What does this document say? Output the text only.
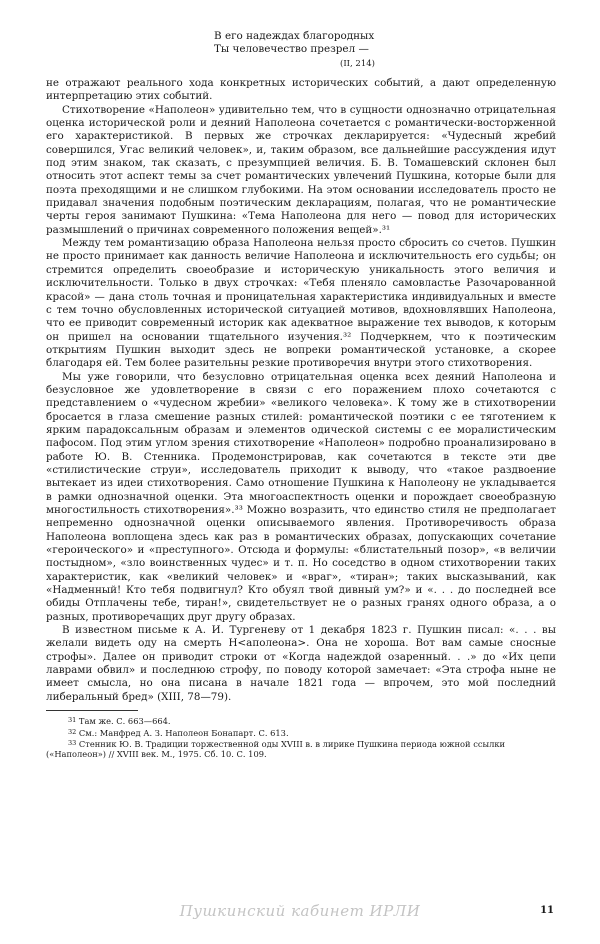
В его надеждах благородных
Ты человечество презрел —
(II, 214)

не отражают реального хода конкретных исторических событий, а дают определенную интерпретацию этих событий.

Стихотворение «Наполеон» удивительно тем, что в сущности однозначно отрицательная оценка исторической роли и деяний Наполеона сочетается с романтически-восторженной его характеристикой. В первых же строчках декларируется: «Чудесный жребий совершился, Угас великий человек», и, таким образом, все дальнейшие рассуждения идут под этим знаком, так сказать, с презумпцией величия. Б. В. Томашевский склонен был относить этот аспект темы за счет романтических увлечений Пушкина, которые были для поэта преходящими и не слишком глубокими. На этом основании исследователь просто не придавал значения подобным поэтическим декларациям, полагая, что не романтические черты героя занимают Пушкина: «Тема Наполеона для него — повод для исторических размышлений о причинах современного положения вещей».³¹

Между тем романтизацию образа Наполеона нельзя просто сбросить со счетов. Пушкин не просто принимает как данность величие Наполеона и исключительность его судьбы; он стремится определить своеобразие и историческую уникальность этого величия и исключительности. Только в двух строчках: «Тебя пленяло самовластье Разочарованной красой» — дана столь точная и проницательная характеристика индивидуальных и вместе с тем точно обусловленных исторической ситуацией мотивов, вдохновлявших Наполеона, что ее приводит современный историк как адекватное выражение тех выводов, к которым он пришел на основании тщательного изучения.³² Подчеркнем, что к поэтическим открытиям Пушкин выходит здесь не вопреки романтической установке, а скорее благодаря ей. Тем более разительны резкие противоречия внутри этого стихотворения.

Мы уже говорили, что безусловно отрицательная оценка всех деяний Наполеона и безусловное же удовлетворение в связи с его поражением плохо сочетаются с представлением о «чудесном жребии» «великого человека». К тому же в стихотворении бросается в глаза смешение разных стилей: романтической поэтики с ее тяготением к ярким парадоксальным образам и элементов одической системы с ее моралистическим пафосом. Под этим углом зрения стихотворение «Наполеон» подробно проанализировано в работе Ю. В. Стенника. Продемонстрировав, как сочетаются в тексте эти две «стилистические струи», исследователь приходит к выводу, что «такое раздвоение вытекает из идеи стихотворения. Само отношение Пушкина к Наполеону не укладывается в рамки однозначной оценки. Эта многоаспектность оценки и порождает своеобразную многостильность стихотворения».³³ Можно возразить, что единство стиля не предполагает непременно однозначной оценки описываемого явления. Противоречивость образа Наполеона воплощена здесь как раз в романтических образах, допускающих сочетание «героического» и «преступного». Отсюда и формулы: «блистательный позор», «в величии постыдном», «зло воинственных чудес» и т. п. Но соседство в одном стихотворении таких характеристик, как «великий человек» и «враг», «тиран»; таких высказываний, как «Надменный! Кто тебя подвигнул? Кто обуял твой дивный ум?» и «. . . до последней все обиды Отплачены тебе, тиран!», свидетельствует не о разных гранях одного образа, а о разных, противоречащих друг другу образах.

В известном письме к А. И. Тургеневу от 1 декабря 1823 г. Пушкин писал: «. . . вы желали видеть оду на смерть Н<аполеона>. Она не хороша. Вот вам самые сносные строфы». Далее он приводит строки от «Когда надеждой озаренный. . .» до «Их цепи лаврами обвил» и последнюю строфу, по поводу которой замечает: «Эта строфа ныне не имеет смысла, но она писана в начале 1821 года — впрочем, это мой последний либеральный бред» (XIII, 78—79).

$^{31}$ Там же. С. 663—664.
$^{32}$ См.: Манфред А. З. Наполеон Бонапарт. С. 613.
$^{33}$ Стенник Ю. В. Традиции торжественной оды XVIII в. в лирике Пушкина периода южной ссылки («Наполеон») // XVIII век. М., 1975. Сб. 10. С. 109.
Пушкинский кабинет ИРЛИ	11
